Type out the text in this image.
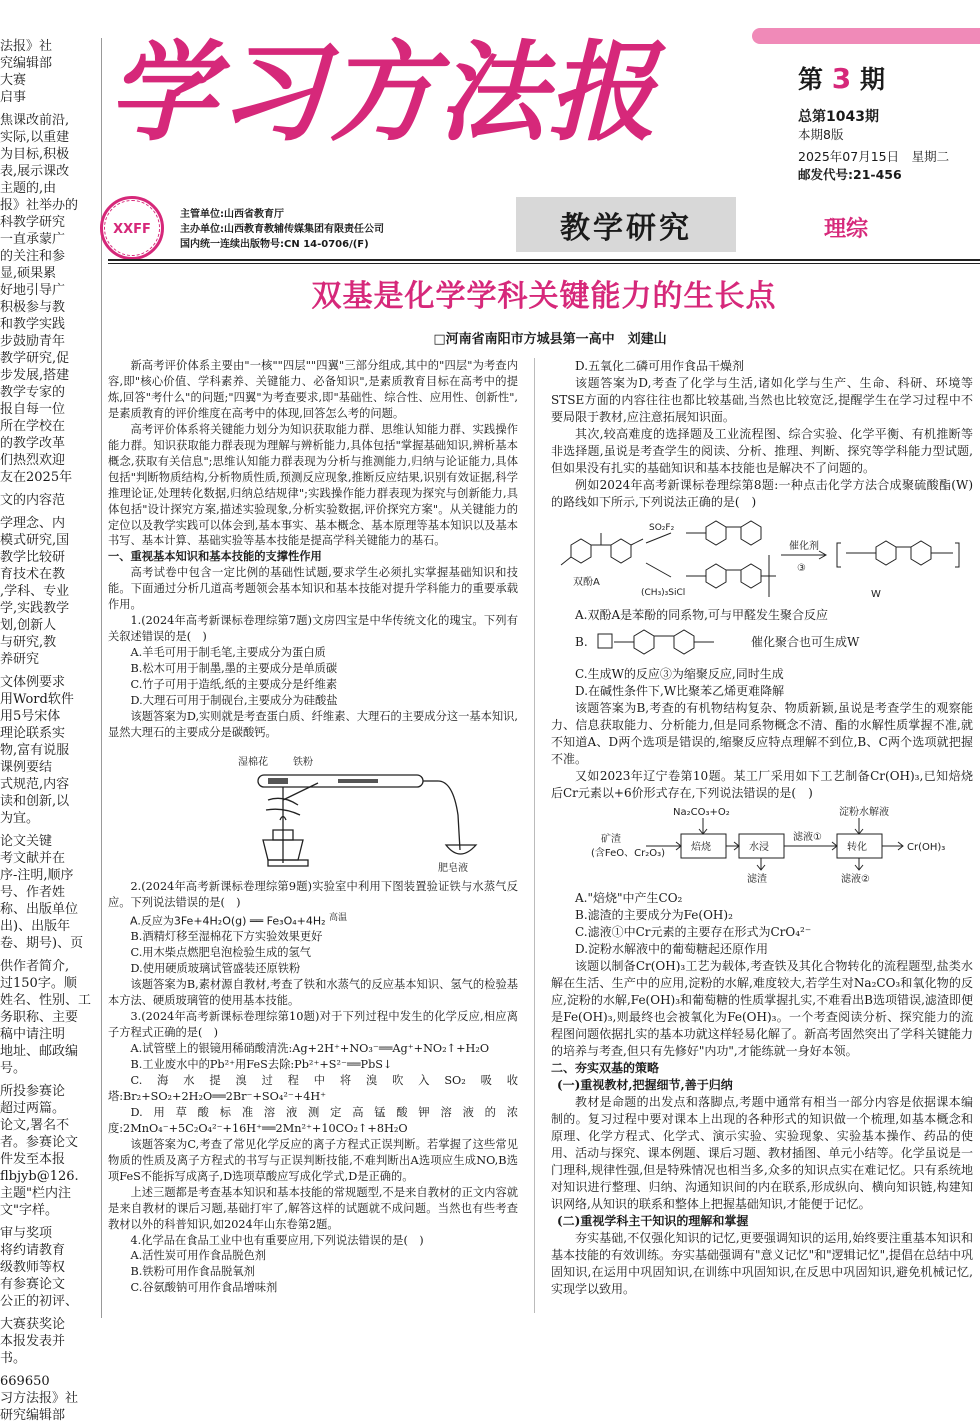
法报》社

究编辑部

大赛

启事

焦课改前沿,

实际,以重建

为目标,积极

表,展示课改

主题的,由

报》社举办的

科教学研究

一直承蒙广

的关注和参

显,硕果累

好地引导广

积极参与教

和教学实践

步鼓励青年

教学研究,促

步发展,搭建

教学专家的

报自每一位

所在学校在

的教学改革

们热烈欢迎

友在2025年

文的内容范

学理念、内

模式研究,国

教学比较研

育技术在教

,学科、专业

学,实践教学

划,创新人

与研究,教

养研究

文体例要求

用Word软件

用5号宋体

理论联系实

物,富有说服

课例要结

式规范,内容

读和创新,以

为宜。

论文关键

考文献并在

序-注明,顺序

号、作者姓

称、出版单位

出)、出版年

卷、期号)、页

供作者简介,

过150字。顺

姓名、性别、工

务职称、主要

稿中请注明

地址、邮政编

号。

所投参赛论

超过两篇。

论文,署名不

者。参赛论文

件发至本报

flbjyb@126.

主题"栏内注

文"字样。

审与奖项

将约请教育

级教师等权

有参赛论文

公正的初评、

大赛获奖论

本报发表并

书。

669650

习方法报》社

研究编辑部

学习方法报	第 3 期

总第1043期

本期8版

2025年07月15日　星期二

邮发代号:21-456

XXFF

主管单位:山西省教育厅

主办单位:山西教育教辅传媒集团有限责任公司

国内统一连续出版物号:CN 14-0706/(F)	教学研究	理综
双基是化学学科关键能力的生长点
□河南省南阳市方城县第一高中　刘建山

新高考评价体系主要由"一核""四层""四翼"三部分组成,其中的"四层"为考查内容,即"核心价值、学科素养、关键能力、必备知识",是素质教育目标在高考中的提炼,回答"考什么"的问题;"四翼"为考查要求,即"基础性、综合性、应用性、创新性",是素质教育的评价维度在高考中的体现,回答怎么考的问题。

高考评价体系将关键能力划分为知识获取能力群、思维认知能力群、实践操作能力群。知识获取能力群表现为理解与辨析能力,具体包括"掌握基础知识,辨析基本概念,获取有关信息";思维认知能力群表现为分析与推测能力,归纳与论证能力,具体包括"判断物质结构,分析物质性质,预测反应现象,推断反应结果,识别有效证据,科学推理论证,处理转化数据,归纳总结规律";实践操作能力群表现为探究与创新能力,具体包括"设计探究方案,描述实验现象,分析实验数据,评价探究方案"。从关键能力的定位以及教学实践可以体会到,基本事实、基本概念、基本原理等基本知识以及基本书写、基本计算、基础实验等基本技能是提高学科关键能力的基石。

一、重视基本知识和基本技能的支撑性作用

高考试卷中包含一定比例的基础性试题,要求学生必须扎实掌握基础知识和技能。下面通过分析几道高考题领会基本知识和基本技能对提升学科能力的重要承载作用。

1.(2024年高考新课标卷理综第7题)文房四宝是中华传统文化的瑰宝。下列有关叙述错误的是(　)

A.羊毛可用于制毛笔,主要成分为蛋白质

B.松木可用于制墨,墨的主要成分是单质碳

C.竹子可用于造纸,纸的主要成分是纤维素

D.大理石可用于制砚台,主要成分为硅酸盐

该题答案为D,实则就是考查蛋白质、纤维素、大理石的主要成分这一基本知识,显然大理石的主要成分是碳酸钙。

湿棉花	铁粉
肥皂液

2.(2024年高考新课标卷理综第9题)实验室中利用下图装置验证铁与水蒸气反应。下列说法错误的是(　)

A.反应为3Fe+4H₂O(g) ══ Fe₃O₄+4H₂ $^{高温}$

B.酒精灯移至湿棉花下方实验效果更好

C.用木柴点燃肥皂泡检验生成的氢气

D.使用硬质玻璃试管盛装还原铁粉

该题答案为B,素材源自教材,考查了铁和水蒸气的反应基本知识、氢气的检验基本方法、硬质玻璃管的使用基本技能。

3.(2024年高考新课标卷理综第10题)对于下列过程中发生的化学反应,相应离子方程式正确的是(　)

A.试管壁上的银镜用稀硝酸清洗:Ag+2H⁺+NO₃⁻══Ag⁺+NO₂↑+H₂O

B.工业废水中的Pb²⁺用FeS去除:Pb²⁺+S²⁻══PbS↓

C.海水提溴过程中将溴吹入SO₂吸收塔:Br₂+SO₂+2H₂O══2Br⁻+SO₄²⁻+4H⁺

D.用草酸标准溶液测定高锰酸钾溶液的浓度:2MnO₄⁻+5C₂O₄²⁻+16H⁺══2Mn²⁺+10CO₂↑+8H₂O

该题答案为C,考查了常见化学反应的离子方程式正误判断。若掌握了这些常见物质的性质及离子方程式的书写与正误判断技能,不难判断出A选项应生成NO,B选项FeS不能拆写成离子,D选项草酸应写成化学式,D是正确的。

上述三题都是考查基本知识和基本技能的常规题型,不是来自教材的正文内容就是来自教材的课后习题,基础打牢了,解答这样的试题就不成问题。当然也有些考查教材以外的科普知识,如2024年山东卷第2题。

4.化学品在食品工业中也有重要应用,下列说法错误的是(　)

A.活性炭可用作食品脱色剂

B.铁粉可用作食品脱氧剂

C.谷氨酸钠可用作食品增味剂

D.五氧化二磷可用作食品干燥剂

该题答案为D,考查了化学与生活,诸如化学与生产、生命、科研、环境等STSE方面的内容往往也都比较基础,当然也比较宽泛,提醒学生在学习过程中不要局限于教材,应注意拓展知识面。

其次,较高难度的选择题及工业流程图、综合实验、化学平衡、有机推断等非选择题,虽说是考查学生的阅读、分析、推理、判断、探究等学科能力型试题,但如果没有扎实的基础知识和基本技能也是解决不了问题的。

例如2024年高考新课标卷理综第8题:一种点击化学方法合成聚硫酸酯(W)的路线如下所示,下列说法正确的是(　)

双酚A
SO₂F₂
(CH₃)₃SiCl
催化剂
③
W

A.双酚A是苯酚的同系物,可与甲醛发生聚合反应

B.	催化聚合也可生成W

C.生成W的反应③为缩聚反应,同时生成

D.在碱性条件下,W比聚苯乙烯更难降解

该题答案为B,考查的有机物结构复杂、物质新颖,虽说是考查学生的观察能力、信息获取能力、分析能力,但是同系物概念不清、酯的水解性质掌握不准,就不知道A、D两个选项是错误的,缩聚反应特点理解不到位,B、C两个选项就把握不准。

又如2023年辽宁卷第10题。某工厂采用如下工艺制备Cr(OH)₃,已知焙烧后Cr元素以+6价形式存在,下列说法错误的是(　)

矿渣
(含FeO、Cr₂O₃)
Na₂CO₃+O₂	淀粉水解液
焙烧	水浸	转化
滤液①
Cr(OH)₃
滤渣	滤液②

A."焙烧"中产生CO₂

B.滤渣的主要成分为Fe(OH)₂

C.滤液①中Cr元素的主要存在形式为CrO₄²⁻

D.淀粉水解液中的葡萄糖起还原作用

该题以制备Cr(OH)₃工艺为载体,考查铁及其化合物转化的流程题型,盐类水解在生活、生产中的应用,淀粉的水解,难度较大,若学生对Na₂CO₃和氧化物的反应,淀粉的水解,Fe(OH)₃和葡萄糖的性质掌握扎实,不难看出B选项错误,滤渣即便是Fe(OH)₃,则最终也会被氧化为Fe(OH)₃。一个考查阅读分析、探究能力的流程图问题依据扎实的基本功就这样轻易化解了。新高考固然突出了学科关键能力的培养与考查,但只有先修好"内功",才能练就一身好本领。

二、夯实双基的策略

(一)重视教材,把握细节,善于归纳

教材是命题的出发点和落脚点,考题中通常有相当一部分内容是依据课本编制的。复习过程中要对课本上出现的各种形式的知识做一个梳理,如基本概念和原理、化学方程式、化学式、演示实验、实验现象、实验基本操作、药品的使用、活动与探究、课本例题、课后习题、教材插图、单元小结等。化学虽说是一门理科,规律性强,但是特殊情况也相当多,众多的知识点实在难记忆。只有系统地对知识进行整理、归纳、沟通知识间的内在联系,形成纵向、横向知识链,构建知识网络,从知识的联系和整体上把握基础知识,才能便于记忆。

(二)重视学科主干知识的理解和掌握

夯实基础,不仅强化知识的记忆,更要强调知识的运用,始终要注重基本知识和基本技能的有效训练。夯实基础强调有"意义记忆"和"逻辑记忆",提倡在总结中巩固知识,在运用中巩固知识,在训练中巩固知识,在反思中巩固知识,避免机械记忆,实现学以致用。
